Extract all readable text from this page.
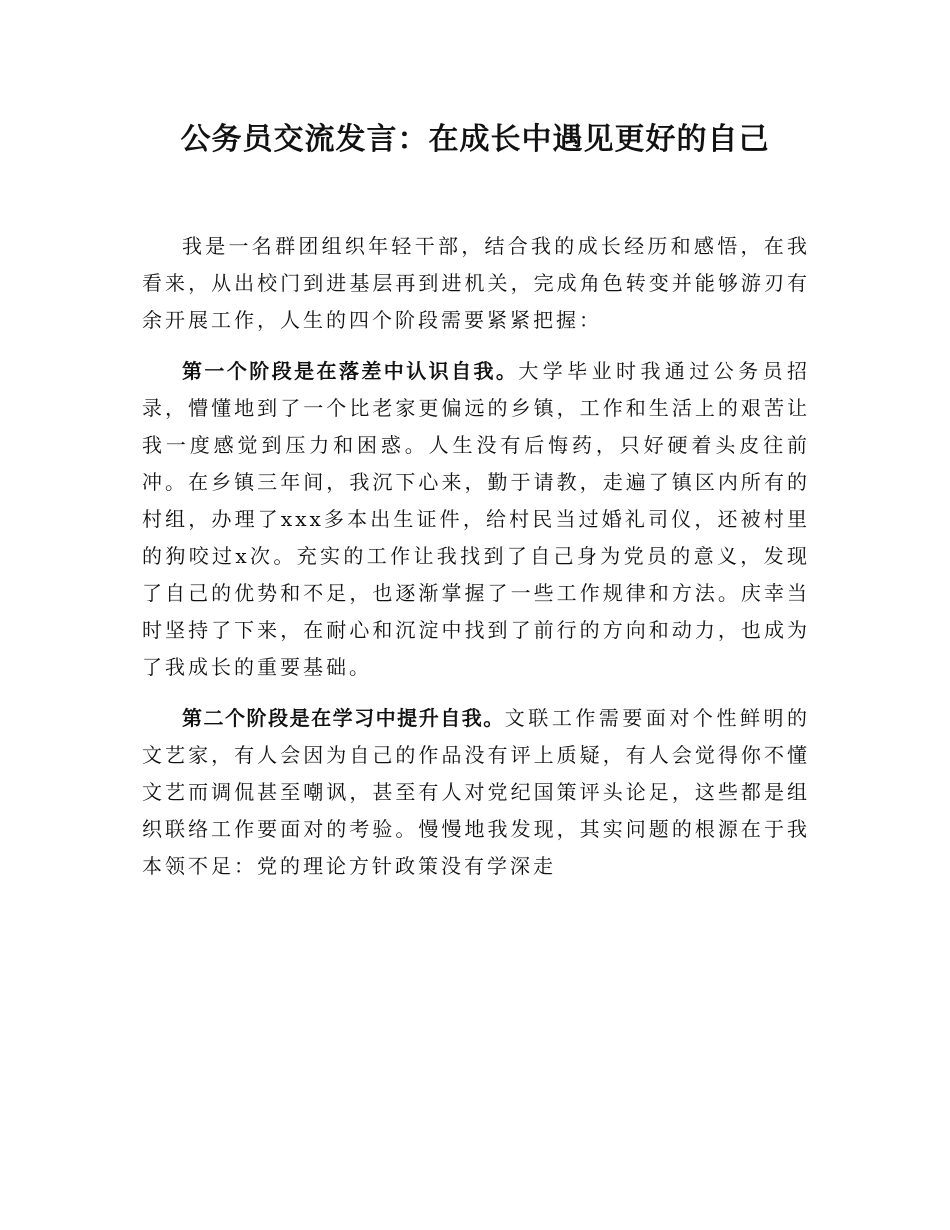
公务员交流发言：在成长中遇见更好的自己

我是一名群团组织年轻干部，结合我的成长经历和感悟，在我看来，从出校门到进基层再到进机关，完成角色转变并能够游刃有余开展工作，人生的四个阶段需要紧紧把握：

第一个阶段是在落差中认识自我。大学毕业时我通过公务员招录，懵懂地到了一个比老家更偏远的乡镇，工作和生活上的艰苦让我一度感觉到压力和困惑。人生没有后悔药，只好硬着头皮往前冲。在乡镇三年间，我沉下心来，勤于请教，走遍了镇区内所有的村组，办理了xxx多本出生证件，给村民当过婚礼司仪，还被村里的狗咬过x次。充实的工作让我找到了自己身为党员的意义，发现了自己的优势和不足，也逐渐掌握了一些工作规律和方法。庆幸当时坚持了下来，在耐心和沉淀中找到了前行的方向和动力，也成为了我成长的重要基础。

第二个阶段是在学习中提升自我。文联工作需要面对个性鲜明的文艺家，有人会因为自己的作品没有评上质疑，有人会觉得你不懂文艺而调侃甚至嘲讽，甚至有人对党纪国策评头论足，这些都是组织联络工作要面对的考验。慢慢地我发现，其实问题的根源在于我本领不足：党的理论方针政策没有学深走
